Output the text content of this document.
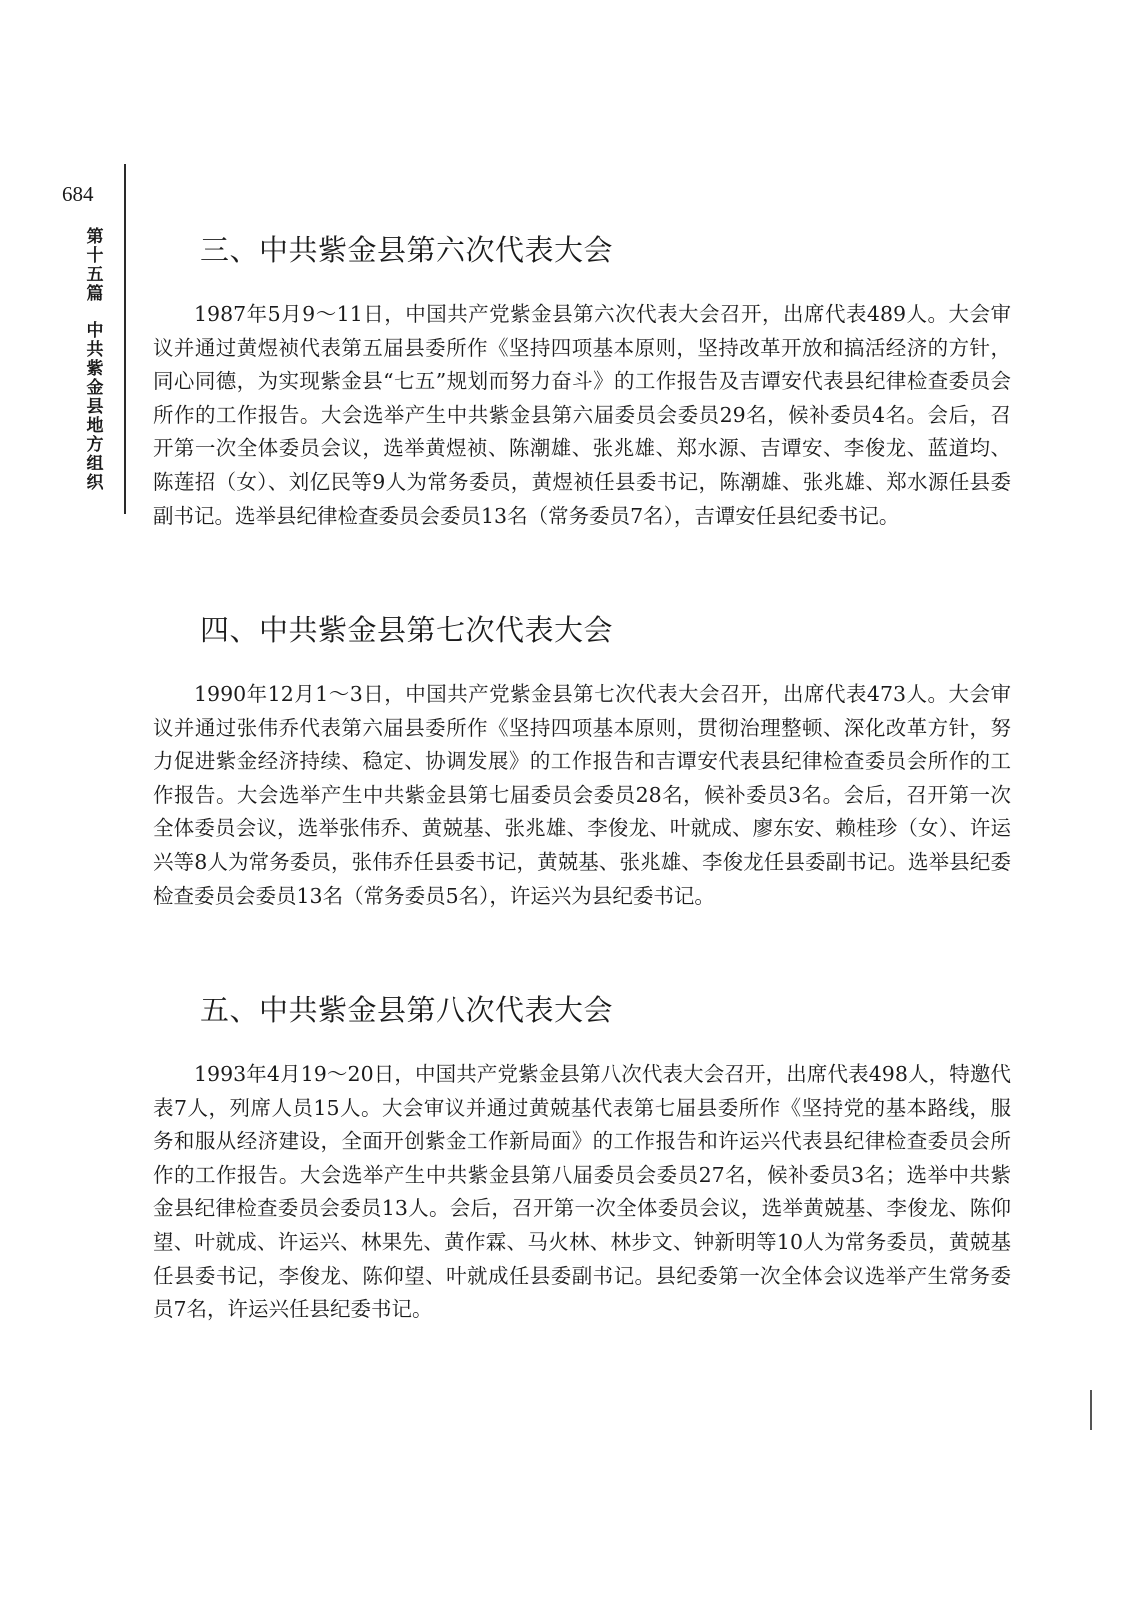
684
第
十
五
篇
中
共
紫
金
县
地
方
组
织
三、中共紫金县第六次代表大会

1987年5月9～11日，中国共产党紫金县第六次代表大会召开，出席代表489人。大会审议并通过黄煜祯代表第五届县委所作《坚持四项基本原则，坚持改革开放和搞活经济的方针，同心同德，为实现紫金县“七五”规划而努力奋斗》的工作报告及吉谭安代表县纪律检查委员会所作的工作报告。大会选举产生中共紫金县第六届委员会委员29名，候补委员4名。会后，召开第一次全体委员会议，选举黄煜祯、陈潮雄、张兆雄、郑水源、吉谭安、李俊龙、蓝道均、陈莲招（女）、刘亿民等9人为常务委员，黄煜祯任县委书记，陈潮雄、张兆雄、郑水源任县委副书记。选举县纪律检查委员会委员13名（常务委员7名），吉谭安任县纪委书记。

四、中共紫金县第七次代表大会

1990年12月1～3日，中国共产党紫金县第七次代表大会召开，出席代表473人。大会审议并通过张伟乔代表第六届县委所作《坚持四项基本原则，贯彻治理整顿、深化改革方针，努力促进紫金经济持续、稳定、协调发展》的工作报告和吉谭安代表县纪律检查委员会所作的工作报告。大会选举产生中共紫金县第七届委员会委员28名，候补委员3名。会后，召开第一次全体委员会议，选举张伟乔、黄兢基、张兆雄、李俊龙、叶就成、廖东安、赖桂珍（女）、许运兴等8人为常务委员，张伟乔任县委书记，黄兢基、张兆雄、李俊龙任县委副书记。选举县纪委检查委员会委员13名（常务委员5名），许运兴为县纪委书记。

五、中共紫金县第八次代表大会

1993年4月19～20日，中国共产党紫金县第八次代表大会召开，出席代表498人，特邀代表7人，列席人员15人。大会审议并通过黄兢基代表第七届县委所作《坚持党的基本路线，服务和服从经济建设，全面开创紫金工作新局面》的工作报告和许运兴代表县纪律检查委员会所作的工作报告。大会选举产生中共紫金县第八届委员会委员27名，候补委员3名；选举中共紫金县纪律检查委员会委员13人。会后，召开第一次全体委员会议，选举黄兢基、李俊龙、陈仰望、叶就成、许运兴、林果先、黄作霖、马火林、林步文、钟新明等10人为常务委员，黄兢基任县委书记，李俊龙、陈仰望、叶就成任县委副书记。县纪委第一次全体会议选举产生常务委员7名，许运兴任县纪委书记。
